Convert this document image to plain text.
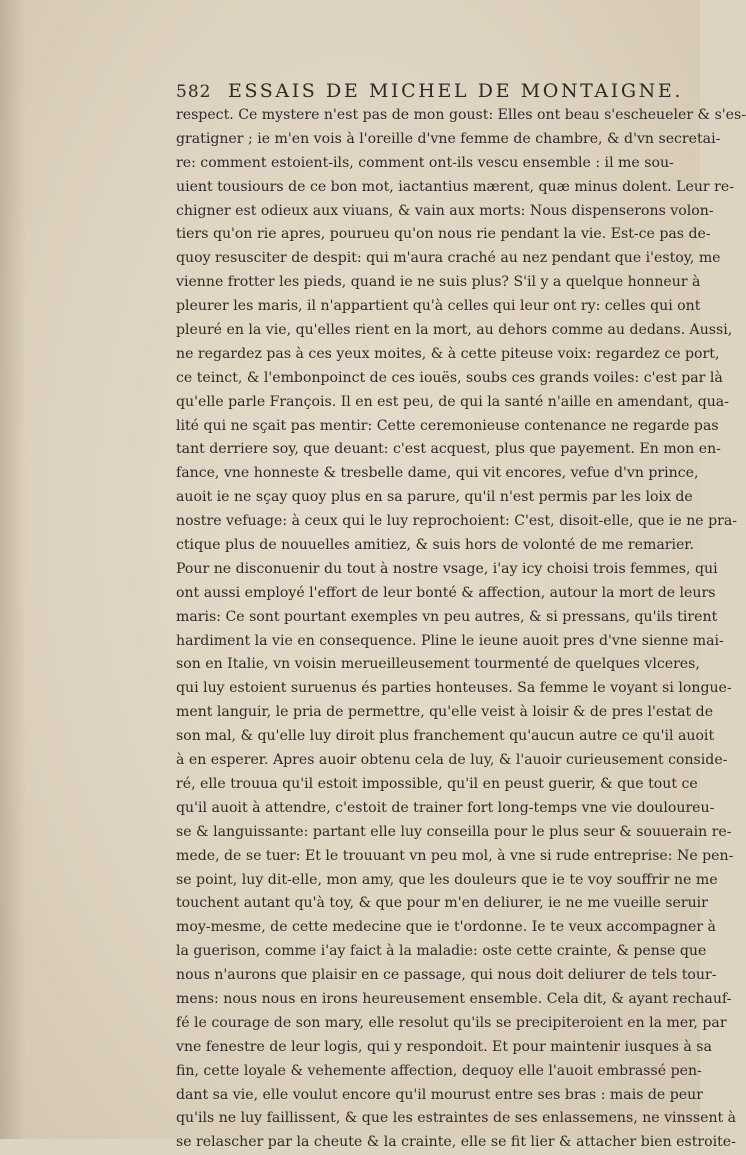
582 ESSAIS DE MICHEL DE MONTAIGNE.
respect. Ce mystere n'est pas de mon goust: Elles ont beau s'escheueler & s'es-
gratigner ; ie m'en vois à l'oreille d'vne femme de chambre, & d'vn secretai-
re: comment estoient-ils, comment ont-ils vescu ensemble : il me sou-
uient tousiours de ce bon mot, iactantius mærent, quæ minus dolent. Leur re-
chigner est odieux aux viuans, & vain aux morts: Nous dispenserons volon-
tiers qu'on rie apres, pourueu qu'on nous rie pendant la vie. Est-ce pas de-
quoy resusciter de despit: qui m'aura craché au nez pendant que i'estoy, me
vienne frotter les pieds, quand ie ne suis plus? S'il y a quelque honneur à
pleurer les maris, il n'appartient qu'à celles qui leur ont ry: celles qui ont
pleuré en la vie, qu'elles rient en la mort, au dehors comme au dedans. Aussi,
ne regardez pas à ces yeux moites, & à cette piteuse voix: regardez ce port,
ce teinct, & l'embonpoinct de ces iouës, soubs ces grands voiles: c'est par là
qu'elle parle François. Il en est peu, de qui la santé n'aille en amendant, qua-
lité qui ne sçait pas mentir: Cette ceremonieuse contenance ne regarde pas
tant derriere soy, que deuant: c'est acquest, plus que payement. En mon en-
fance, vne honneste & tresbelle dame, qui vit encores, vefue d'vn prince,
auoit ie ne sçay quoy plus en sa parure, qu'il n'est permis par les loix de
nostre vefuage: à ceux qui le luy reprochoient: C'est, disoit-elle, que ie ne pra-
ctique plus de nouuelles amitiez, & suis hors de volonté de me remarier.
Pour ne disconuenir du tout à nostre vsage, i'ay icy choisi trois femmes, qui
ont aussi employé l'effort de leur bonté & affection, autour la mort de leurs
maris: Ce sont pourtant exemples vn peu autres, & si pressans, qu'ils tirent
hardiment la vie en consequence. Pline le ieune auoit pres d'vne sienne mai-
son en Italie, vn voisin merueilleusement tourmenté de quelques vlceres,
qui luy estoient suruenus és parties honteuses. Sa femme le voyant si longue-
ment languir, le pria de permettre, qu'elle veist à loisir & de pres l'estat de
son mal, & qu'elle luy diroit plus franchement qu'aucun autre ce qu'il auoit
à en esperer. Apres auoir obtenu cela de luy, & l'auoir curieusement conside-
ré, elle trouua qu'il estoit impossible, qu'il en peust guerir, & que tout ce
qu'il auoit à attendre, c'estoit de trainer fort long-temps vne vie douloureu-
se & languissante: partant elle luy conseilla pour le plus seur & souuerain re-
mede, de se tuer: Et le trouuant vn peu mol, à vne si rude entreprise: Ne pen-
se point, luy dit-elle, mon amy, que les douleurs que ie te voy souffrir ne me
touchent autant qu'à toy, & que pour m'en deliurer, ie ne me vueille seruir
moy-mesme, de cette medecine que ie t'ordonne. Ie te veux accompagner à
la guerison, comme i'ay faict à la maladie: oste cette crainte, & pense que
nous n'aurons que plaisir en ce passage, qui nous doit deliurer de tels tour-
mens: nous nous en irons heureusement ensemble. Cela dit, & ayant rechauf-
fé le courage de son mary, elle resolut qu'ils se precipiteroient en la mer, par
vne fenestre de leur logis, qui y respondoit. Et pour maintenir iusques à sa
fin, cette loyale & vehemente affection, dequoy elle l'auoit embrassé pen-
dant sa vie, elle voulut encore qu'il mourust entre ses bras : mais de peur
qu'ils ne luy faillissent, & que les estraintes de ses enlassemens, ne vinssent à
se relascher par la cheute & la crainte, elle se fit lier & attacher bien estroite-
